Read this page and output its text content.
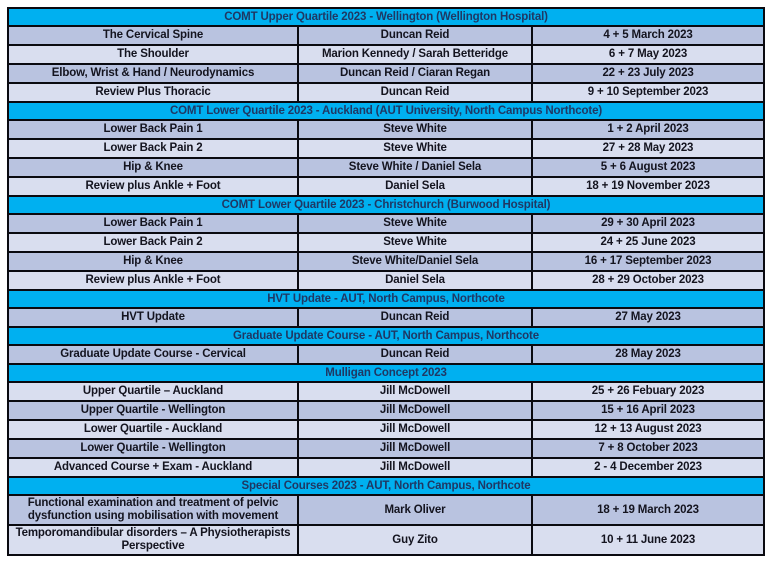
COMT Upper Quartile 2023 - Wellington (Wellington Hospital)		
The Cervical Spine	Duncan Reid	4 + 5 March 2023
The Shoulder	Marion Kennedy / Sarah Betteridge	6 + 7 May 2023
Elbow, Wrist & Hand / Neurodynamics	Duncan Reid / Ciaran Regan	22 + 23 July 2023
Review Plus Thoracic	Duncan Reid	9 + 10 September 2023
COMT Lower Quartile 2023 - Auckland (AUT University, North Campus Northcote)		
Lower Back Pain 1	Steve White	1 + 2 April 2023
Lower Back Pain 2	Steve White	27 + 28 May 2023
Hip & Knee	Steve White / Daniel Sela	5 + 6 August 2023
Review plus Ankle + Foot	Daniel Sela	18 + 19 November 2023
COMT Lower Quartile 2023 - Christchurch (Burwood Hospital)		
Lower Back Pain 1	Steve White	29 + 30 April 2023
Lower Back Pain 2	Steve White	24 + 25 June 2023
Hip & Knee	Steve White/Daniel Sela	16 + 17 September 2023
Review plus Ankle + Foot	Daniel Sela	28 + 29 October 2023
HVT Update - AUT, North Campus, Northcote		
HVT Update	Duncan Reid	27 May 2023
Graduate Update Course - AUT, North Campus, Northcote		
Graduate Update Course - Cervical	Duncan Reid	28 May 2023
Mulligan Concept 2023		
Upper Quartile – Auckland	Jill McDowell	25 + 26 Febuary 2023
Upper Quartile - Wellington	Jill McDowell	15 + 16 April 2023
Lower Quartile - Auckland	Jill McDowell	12 + 13 August 2023
Lower Quartile - Wellington	Jill McDowell	7 + 8 October 2023
Advanced Course + Exam - Auckland	Jill McDowell	2 - 4 December 2023
Special Courses 2023 - AUT, North Campus, Northcote		
Functional examination and treatment of pelvic dysfunction using mobilisation with movement	Mark Oliver	18 + 19 March 2023
Temporomandibular disorders – A Physiotherapists Perspective	Guy Zito	10 + 11 June 2023
